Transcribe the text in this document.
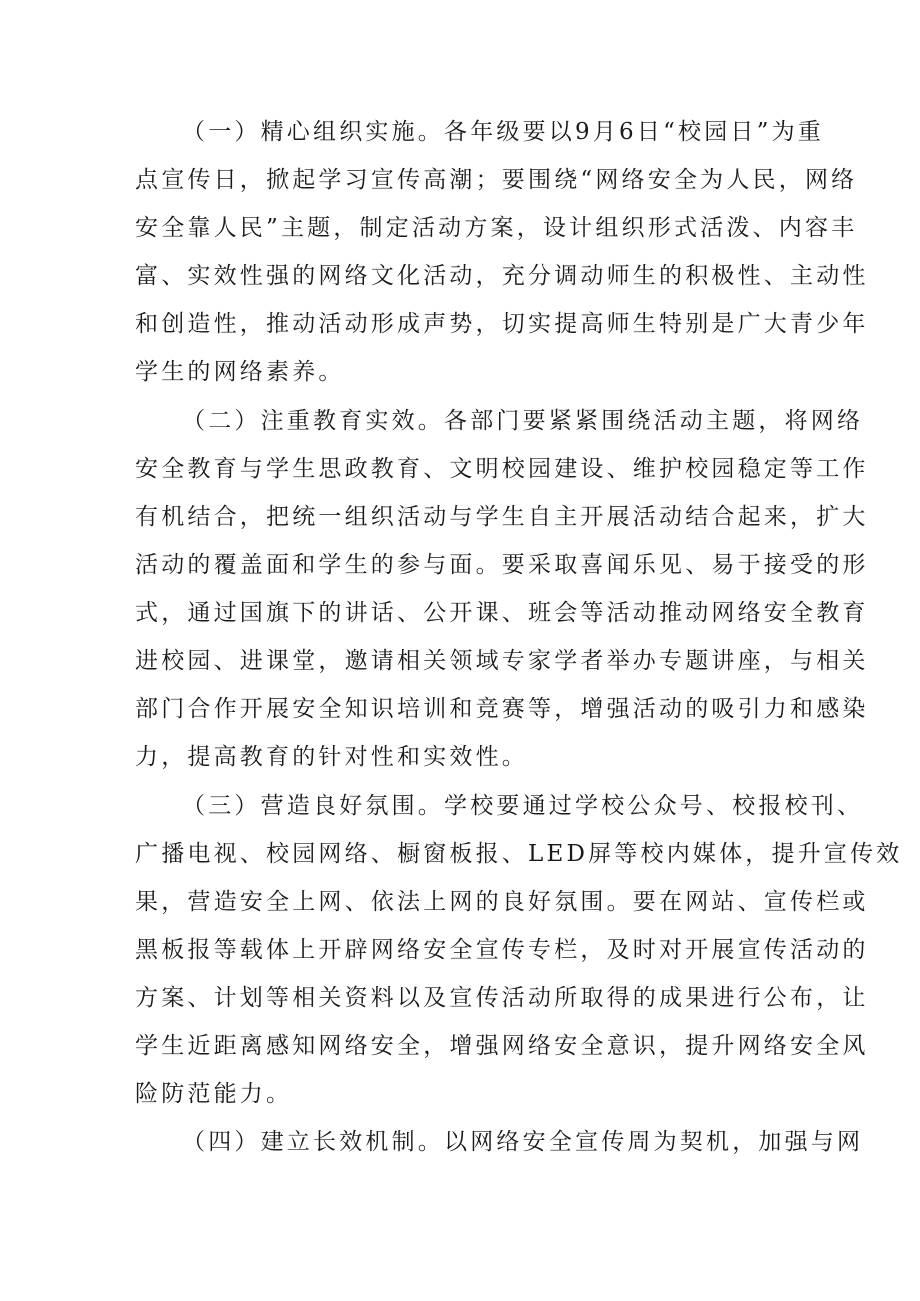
（一）精心组织实施。各年级要以9月6日“校园日”为重
点宣传日，掀起学习宣传高潮；要围绕“网络安全为人民，网络
安全靠人民”主题，制定活动方案，设计组织形式活泼、内容丰
富、实效性强的网络文化活动，充分调动师生的积极性、主动性
和创造性，推动活动形成声势，切实提高师生特别是广大青少年
学生的网络素养。
（二）注重教育实效。各部门要紧紧围绕活动主题，将网络
安全教育与学生思政教育、文明校园建设、维护校园稳定等工作
有机结合，把统一组织活动与学生自主开展活动结合起来，扩大
活动的覆盖面和学生的参与面。要采取喜闻乐见、易于接受的形
式，通过国旗下的讲话、公开课、班会等活动推动网络安全教育
进校园、进课堂，邀请相关领域专家学者举办专题讲座，与相关
部门合作开展安全知识培训和竞赛等，增强活动的吸引力和感染
力，提高教育的针对性和实效性。
（三）营造良好氛围。学校要通过学校公众号、校报校刊、
广播电视、校园网络、橱窗板报、LED屏等校内媒体，提升宣传效
果，营造安全上网、依法上网的良好氛围。要在网站、宣传栏或
黑板报等载体上开辟网络安全宣传专栏，及时对开展宣传活动的
方案、计划等相关资料以及宣传活动所取得的成果进行公布，让
学生近距离感知网络安全，增强网络安全意识，提升网络安全风
险防范能力。
（四）建立长效机制。以网络安全宣传周为契机，加强与网
